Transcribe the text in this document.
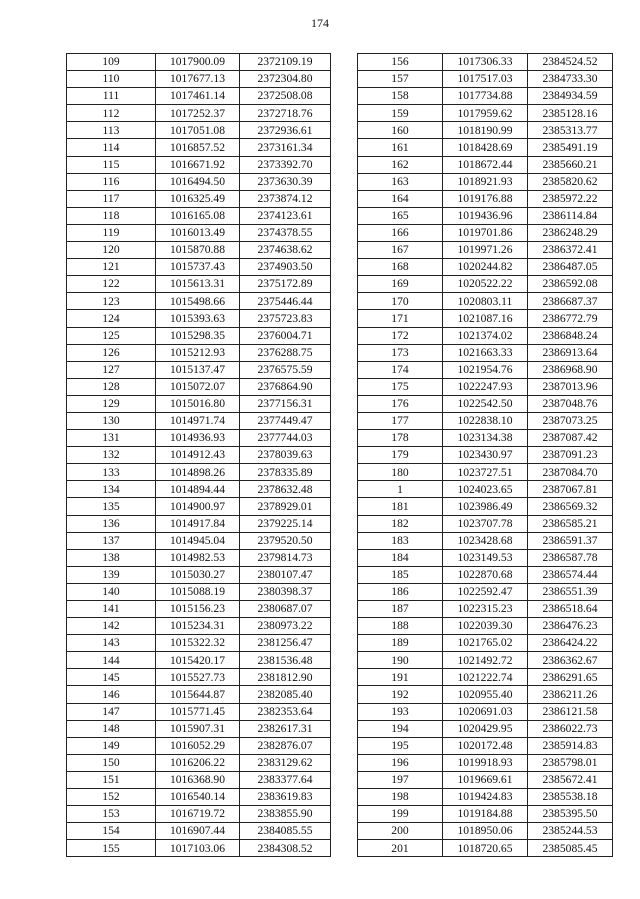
174
109	1017900.09	2372109.19
110	1017677.13	2372304.80
111	1017461.14	2372508.08
112	1017252.37	2372718.76
113	1017051.08	2372936.61
114	1016857.52	2373161.34
115	1016671.92	2373392.70
116	1016494.50	2373630.39
117	1016325.49	2373874.12
118	1016165.08	2374123.61
119	1016013.49	2374378.55
120	1015870.88	2374638.62
121	1015737.43	2374903.50
122	1015613.31	2375172.89
123	1015498.66	2375446.44
124	1015393.63	2375723.83
125	1015298.35	2376004.71
126	1015212.93	2376288.75
127	1015137.47	2376575.59
128	1015072.07	2376864.90
129	1015016.80	2377156.31
130	1014971.74	2377449.47
131	1014936.93	2377744.03
132	1014912.43	2378039.63
133	1014898.26	2378335.89
134	1014894.44	2378632.48
135	1014900.97	2378929.01
136	1014917.84	2379225.14
137	1014945.04	2379520.50
138	1014982.53	2379814.73
139	1015030.27	2380107.47
140	1015088.19	2380398.37
141	1015156.23	2380687.07
142	1015234.31	2380973.22
143	1015322.32	2381256.47
144	1015420.17	2381536.48
145	1015527.73	2381812.90
146	1015644.87	2382085.40
147	1015771.45	2382353.64
148	1015907.31	2382617.31
149	1016052.29	2382876.07
150	1016206.22	2383129.62
151	1016368.90	2383377.64
152	1016540.14	2383619.83
153	1016719.72	2383855.90
154	1016907.44	2384085.55
155	1017103.06	2384308.52
156	1017306.33	2384524.52
157	1017517.03	2384733.30
158	1017734.88	2384934.59
159	1017959.62	2385128.16
160	1018190.99	2385313.77
161	1018428.69	2385491.19
162	1018672.44	2385660.21
163	1018921.93	2385820.62
164	1019176.88	2385972.22
165	1019436.96	2386114.84
166	1019701.86	2386248.29
167	1019971.26	2386372.41
168	1020244.82	2386487.05
169	1020522.22	2386592.08
170	1020803.11	2386687.37
171	1021087.16	2386772.79
172	1021374.02	2386848.24
173	1021663.33	2386913.64
174	1021954.76	2386968.90
175	1022247.93	2387013.96
176	1022542.50	2387048.76
177	1022838.10	2387073.25
178	1023134.38	2387087.42
179	1023430.97	2387091.23
180	1023727.51	2387084.70
1	1024023.65	2387067.81
181	1023986.49	2386569.32
182	1023707.78	2386585.21
183	1023428.68	2386591.37
184	1023149.53	2386587.78
185	1022870.68	2386574.44
186	1022592.47	2386551.39
187	1022315.23	2386518.64
188	1022039.30	2386476.23
189	1021765.02	2386424.22
190	1021492.72	2386362.67
191	1021222.74	2386291.65
192	1020955.40	2386211.26
193	1020691.03	2386121.58
194	1020429.95	2386022.73
195	1020172.48	2385914.83
196	1019918.93	2385798.01
197	1019669.61	2385672.41
198	1019424.83	2385538.18
199	1019184.88	2385395.50
200	1018950.06	2385244.53
201	1018720.65	2385085.45
